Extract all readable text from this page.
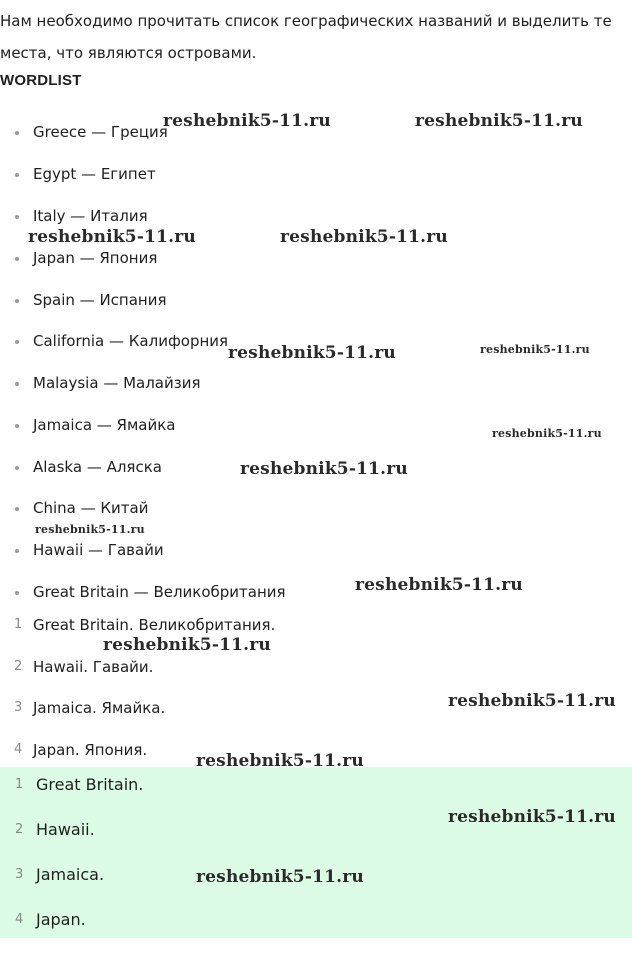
Нам необходимо прочитать список географических названий и выделить те места, что являются островами.

WORDLIST
Greece — Греция
Egypt — Египет
Italy — Италия
Japan — Япония
Spain — Испания
California — Калифорния
Malaysia — Малайзия
Jamaica — Ямайка
Alaska — Аляска
China — Китай
Hawaii — Гавайи
Great Britain — Великобритания
1 Great Britain. Великобритания.
2 Hawaii. Гавайи.
3 Jamaica. Ямайка.
4 Japan. Япония.
1 Great Britain.
2 Hawaii.
3 Jamaica.
4 Japan.
reshebnik5-11.ru	reshebnik5-11.ru
reshebnik5-11.ru	reshebnik5-11.ru
reshebnik5-11.ru	reshebnik5-11.ru
reshebnik5-11.ru
reshebnik5-11.ru
reshebnik5-11.ru
reshebnik5-11.ru
reshebnik5-11.ru
reshebnik5-11.ru
reshebnik5-11.ru
reshebnik5-11.ru
reshebnik5-11.ru
